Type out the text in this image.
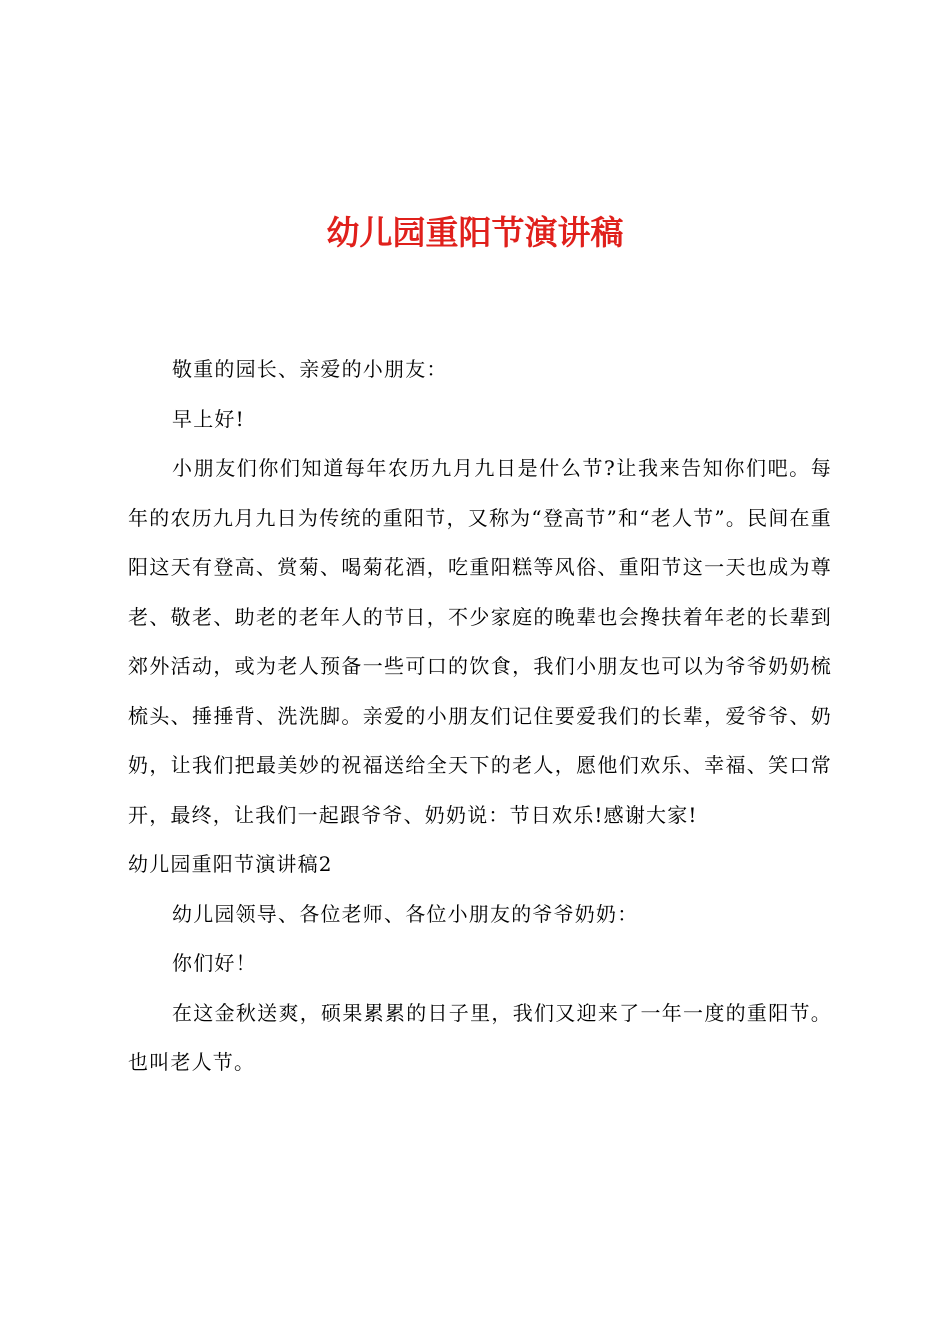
幼儿园重阳节演讲稿

敬重的园长、亲爱的小朋友：

早上好!

小朋友们你们知道每年农历九月九日是什么节?让我来告知你们吧。每年的农历九月九日为传统的重阳节，又称为“登高节”和“老人节”。民间在重阳这天有登高、赏菊、喝菊花酒，吃重阳糕等风俗、重阳节这一天也成为尊老、敬老、助老的老年人的节日，不少家庭的晚辈也会搀扶着年老的长辈到郊外活动，或为老人预备一些可口的饮食，我们小朋友也可以为爷爷奶奶梳梳头、捶捶背、洗洗脚。亲爱的小朋友们记住要爱我们的长辈，爱爷爷、奶奶，让我们把最美妙的祝福送给全天下的老人，愿他们欢乐、幸福、笑口常开，最终，让我们一起跟爷爷、奶奶说：节日欢乐!感谢大家!

幼儿园重阳节演讲稿2

幼儿园领导、各位老师、各位小朋友的爷爷奶奶：

你们好！

在这金秋送爽，硕果累累的日子里，我们又迎来了一年一度的重阳节。也叫老人节。
